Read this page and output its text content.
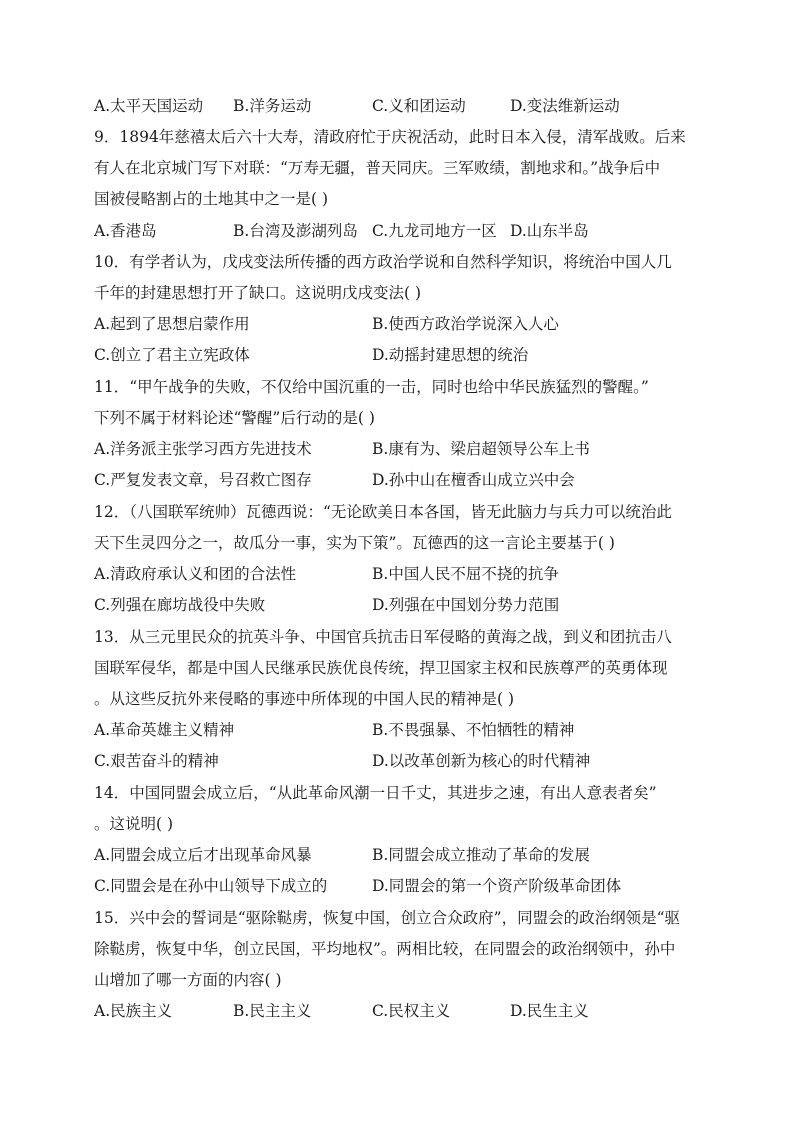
A.太平天国运动 B.洋务运动	C.义和团运动	D.变法维新运动
9．1894年慈禧太后六十大寿，清政府忙于庆祝活动，此时日本入侵，清军战败。后来
有人在北京城门写下对联：“万寿无疆，普天同庆。三军败绩，割地求和。”战争后中
国被侵略割占的土地其中之一是( )
A.香港岛	B.台湾及澎湖列岛 C.九龙司地方一区 D.山东半岛
10．有学者认为，戊戌变法所传播的西方政治学说和自然科学知识，将统治中国人几
千年的封建思想打开了缺口。这说明戊戌变法( )
A.起到了思想启蒙作用	B.使西方政治学说深入人心
C.创立了君主立宪政体	D.动摇封建思想的统治
11．“甲午战争的失败，不仅给中国沉重的一击，同时也给中华民族猛烈的警醒。”
下列不属于材料论述“警醒”后行动的是( )
A.洋务派主张学习西方先进技术	B.康有为、梁启超领导公车上书
C.严复发表文章，号召救亡图存	D.孙中山在檀香山成立兴中会
12．（八国联军统帅）瓦德西说：“无论欧美日本各国，皆无此脑力与兵力可以统治此
天下生灵四分之一，故瓜分一事，实为下策”。瓦德西的这一言论主要基于( )
A.清政府承认义和团的合法性	B.中国人民不屈不挠的抗争
C.列强在廊坊战役中失败	D.列强在中国划分势力范围
13．从三元里民众的抗英斗争、中国官兵抗击日军侵略的黄海之战，到义和团抗击八
国联军侵华，都是中国人民继承民族优良传统，捍卫国家主权和民族尊严的英勇体现
。从这些反抗外来侵略的事迹中所体现的中国人民的精神是( )
A.革命英雄主义精神	B.不畏强暴、不怕牺牲的精神
C.艰苦奋斗的精神	D.以改革创新为核心的时代精神
14．中国同盟会成立后，“从此革命风潮一日千丈，其进步之速，有出人意表者矣”
。这说明( )
A.同盟会成立后才出现革命风暴	B.同盟会成立推动了革命的发展
C.同盟会是在孙中山领导下成立的	D.同盟会的第一个资产阶级革命团体
15．兴中会的誓词是“驱除鞑虏，恢复中国，创立合众政府”，同盟会的政治纲领是“驱
除鞑虏，恢复中华，创立民国，平均地权”。两相比较，在同盟会的政治纲领中，孙中
山增加了哪一方面的内容( )
A.民族主义	B.民主主义	C.民权主义	D.民生主义
